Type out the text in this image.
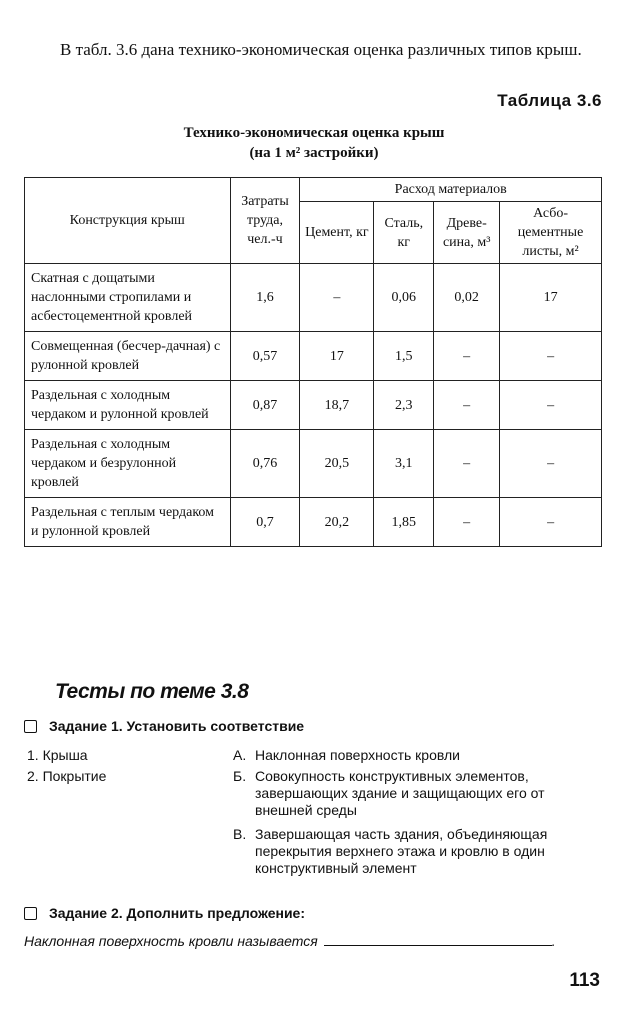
В табл. 3.6 дана технико-экономическая оценка различных типов крыш.

Таблица 3.6
Технико-экономическая оценка крыш
(на 1 м² застройки)
Конструкция крыш	Затраты труда, чел.-ч	Расход материалов			
		Цемент, кг	Сталь, кг	Древе-сина, м³	Асбо-цементные листы, м²
Скатная с дощатыми наслонными стропилами и асбестоцементной кровлей	1,6	–	0,06	0,02	17
Совмещенная (бесчер-дачная) с рулонной кровлей	0,57	17	1,5	–	–
Раздельная с холодным чердаком и рулонной кровлей	0,87	18,7	2,3	–	–
Раздельная с холодным чердаком и безрулонной кровлей	0,76	20,5	3,1	–	–
Раздельная с теплым чердаком и рулонной кровлей	0,7	20,2	1,85	–	–
Тесты по теме 3.8
Задание 1. Установить соответствие
1. Крыша
2. Покрытие
А. Наклонная поверхность кровли
Б. Совокупность конструктивных элементов, завершающих здание и защищающих его от внешней среды
В. Завершающая часть здания, объединяющая перекрытия верхнего этажа и кровлю в один конструктивный элемент
Задание 2. Дополнить предложение:
Наклонная поверхность кровли называется	.
113
